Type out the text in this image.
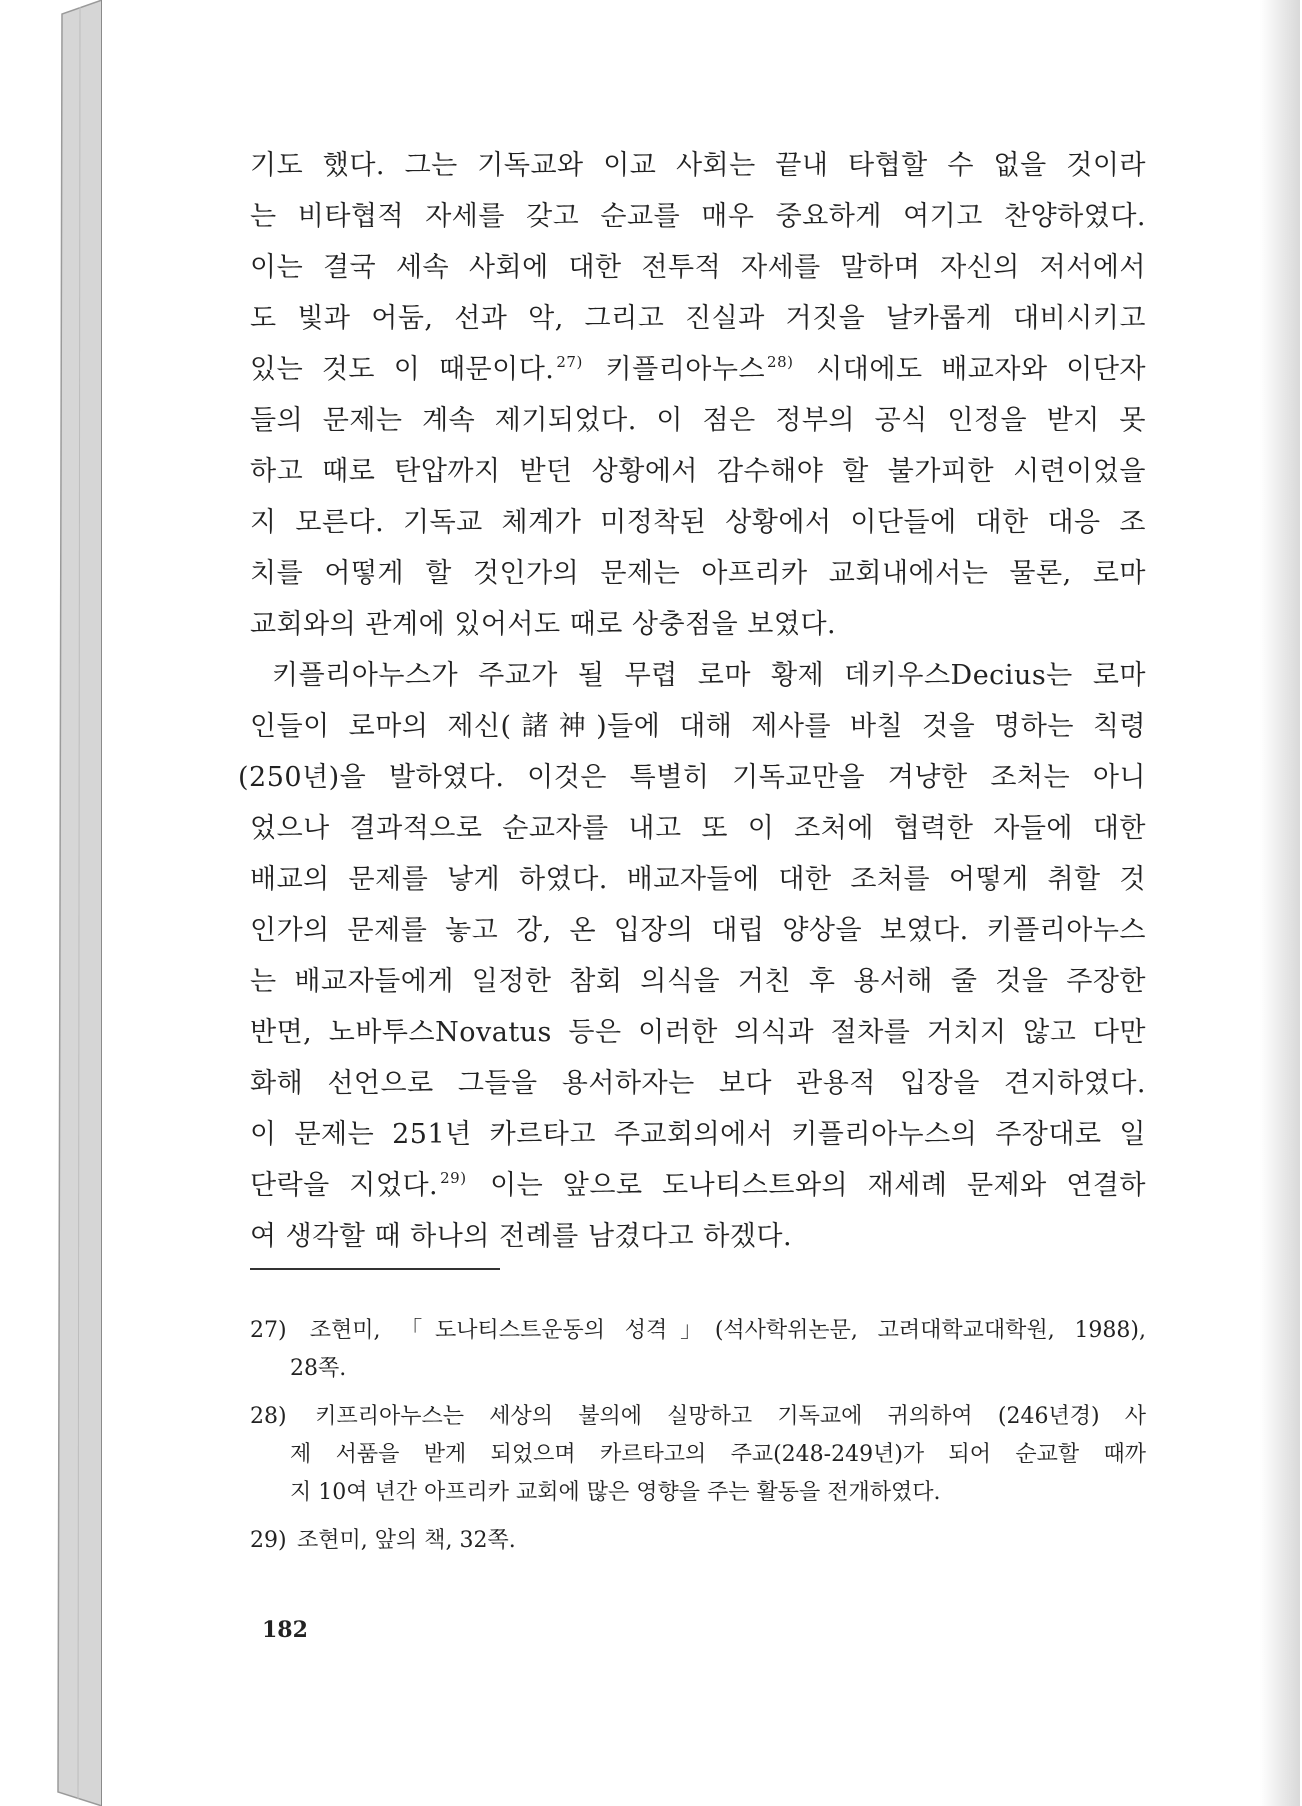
기도 했다. 그는 기독교와 이교 사회는 끝내 타협할 수 없을 것이라
는 비타협적 자세를 갖고 순교를 매우 중요하게 여기고 찬양하였다.
이는 결국 세속 사회에 대한 전투적 자세를 말하며 자신의 저서에서
도 빛과 어둠, 선과 악, 그리고 진실과 거짓을 날카롭게 대비시키고
있는 것도 이 때문이다. $^{27)}$ 키플리아누스 $^{28)}$ 시대에도 배교자와 이단자
들의 문제는 계속 제기되었다. 이 점은 정부의 공식 인정을 받지 못
하고 때로 탄압까지 받던 상황에서 감수해야 할 불가피한 시련이었을
지 모른다. 기독교 체계가 미정착된 상황에서 이단들에 대한 대응 조
치를 어떻게 할 것인가의 문제는 아프리카 교회내에서는 물론, 로마
교회와의 관계에 있어서도 때로 상충점을 보였다.
키플리아누스가 주교가 될 무렵 로마 황제 데키우스Decius는 로마
인들이 로마의 제신(諸神)들에 대해 제사를 바칠 것을 명하는 칙령
(250년)을 발하였다. 이것은 특별히 기독교만을 겨냥한 조처는 아니
었으나 결과적으로 순교자를 내고 또 이 조처에 협력한 자들에 대한
배교의 문제를 낳게 하였다. 배교자들에 대한 조처를 어떻게 취할 것
인가의 문제를 놓고 강, 온 입장의 대립 양상을 보였다. 키플리아누스
는 배교자들에게 일정한 참회 의식을 거친 후 용서해 줄 것을 주장한
반면, 노바투스Novatus 등은 이러한 의식과 절차를 거치지 않고 다만
화해 선언으로 그들을 용서하자는 보다 관용적 입장을 견지하였다.
이 문제는 251년 카르타고 주교회의에서 키플리아누스의 주장대로 일
단락을 지었다. $^{29)}$ 이는 앞으로 도나티스트와의 재세례 문제와 연결하
여 생각할 때 하나의 전례를 남겼다고 하겠다.
27) 조현미, 「도나티스트운동의 성격」(석사학위논문, 고려대학교대학원, 1988),
28쪽.
28) 키프리아누스는 세상의 불의에 실망하고 기독교에 귀의하여 (246년경) 사
제 서품을 받게 되었으며 카르타고의 주교(248-249년)가 되어 순교할 때까
지 10여 년간 아프리카 교회에 많은 영향을 주는 활동을 전개하였다.
29) 조현미, 앞의 책, 32쪽.
182
